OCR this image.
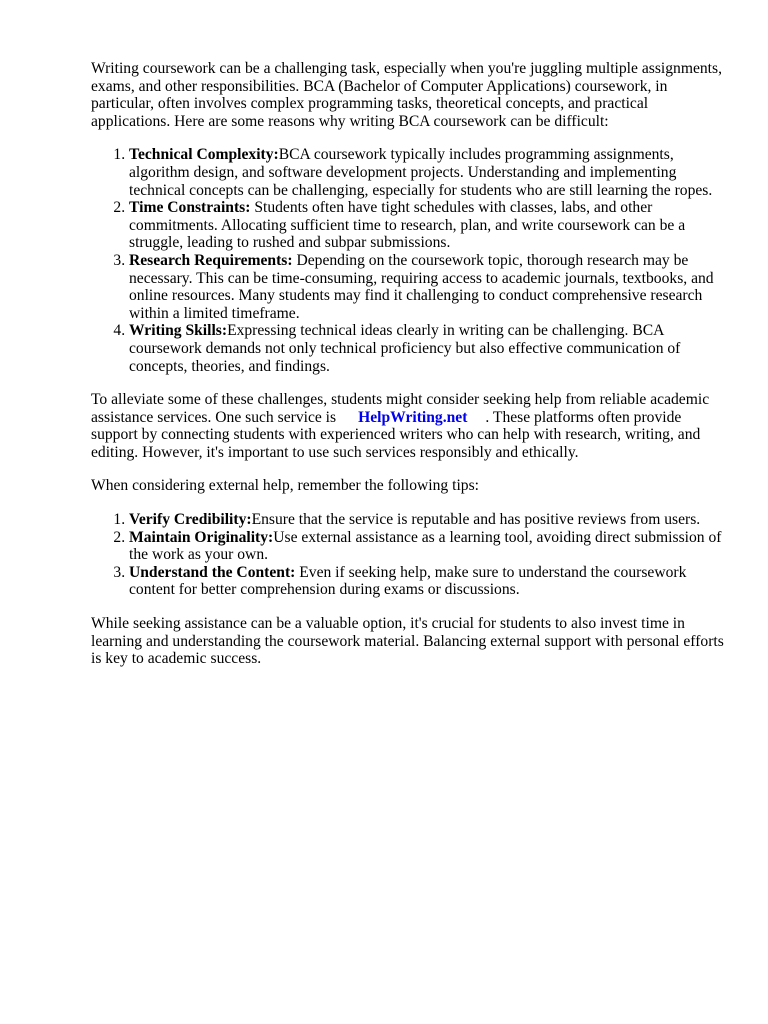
Writing coursework can be a challenging task, especially when you're juggling multiple assignments, exams, and other responsibilities. BCA (Bachelor of Computer Applications) coursework, in particular, often involves complex programming tasks, theoretical concepts, and practical applications. Here are some reasons why writing BCA coursework can be difficult:

1. Technical Complexity:BCA coursework typically includes programming assignments, algorithm design, and software development projects. Understanding and implementing technical concepts can be challenging, especially for students who are still learning the ropes.
2. Time Constraints: Students often have tight schedules with classes, labs, and other commitments. Allocating sufficient time to research, plan, and write coursework can be a struggle, leading to rushed and subpar submissions.
3. Research Requirements: Depending on the coursework topic, thorough research may be necessary. This can be time-consuming, requiring access to academic journals, textbooks, and online resources. Many students may find it challenging to conduct comprehensive research within a limited timeframe.
4. Writing Skills:Expressing technical ideas clearly in writing can be challenging. BCA coursework demands not only technical proficiency but also effective communication of concepts, theories, and findings.

To alleviate some of these challenges, students might consider seeking help from reliable academic assistance services. One such service is HelpWriting.net . These platforms often provide support by connecting students with experienced writers who can help with research, writing, and editing. However, it's important to use such services responsibly and ethically.

When considering external help, remember the following tips:

1. Verify Credibility:Ensure that the service is reputable and has positive reviews from users.
2. Maintain Originality:Use external assistance as a learning tool, avoiding direct submission of the work as your own.
3. Understand the Content: Even if seeking help, make sure to understand the coursework content for better comprehension during exams or discussions.

While seeking assistance can be a valuable option, it's crucial for students to also invest time in learning and understanding the coursework material. Balancing external support with personal efforts is key to academic success.
